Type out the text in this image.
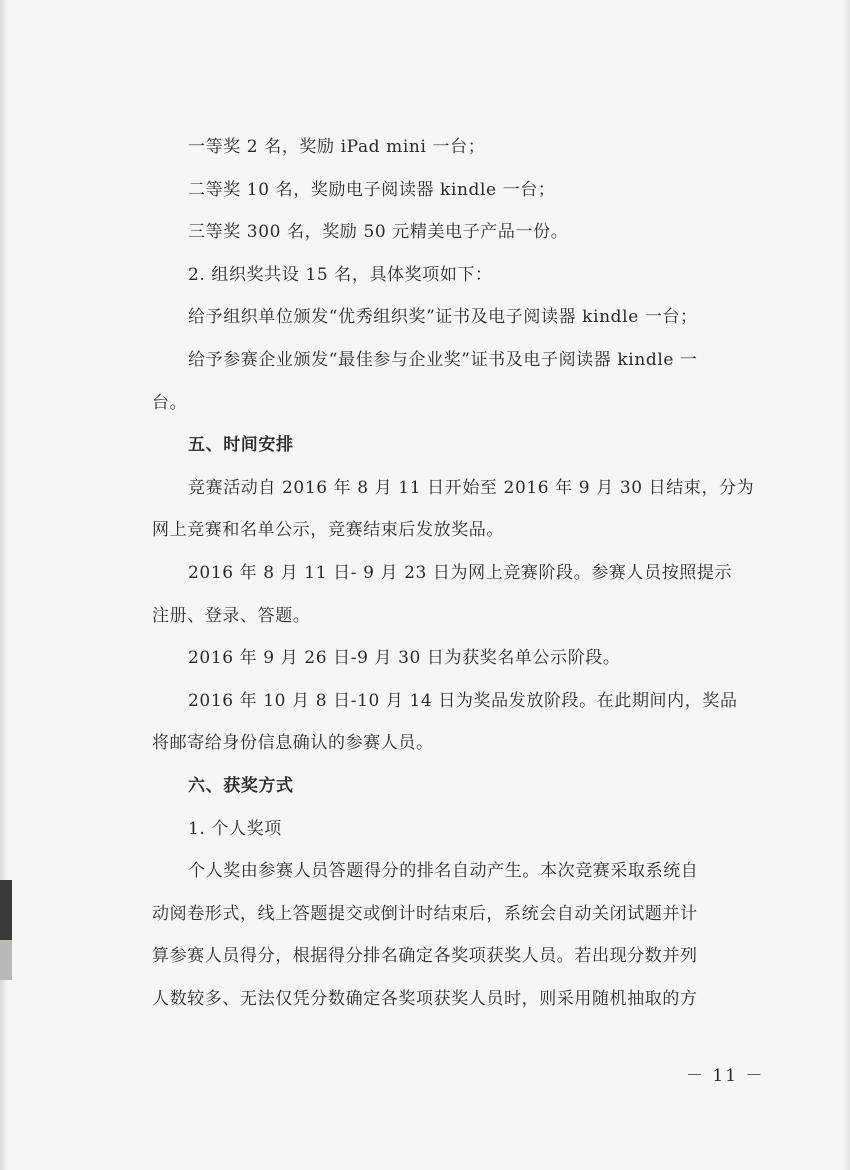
一等奖 2 名，奖励 iPad mini 一台；
二等奖 10 名，奖励电子阅读器 kindle 一台；
三等奖 300 名，奖励 50 元精美电子产品一份。
2. 组织奖共设 15 名，具体奖项如下：
给予组织单位颁发“优秀组织奖”证书及电子阅读器 kindle 一台；
给予参赛企业颁发“最佳参与企业奖”证书及电子阅读器 kindle 一
台。
五、时间安排
竞赛活动自 2016 年 8 月 11 日开始至 2016 年 9 月 30 日结束，分为
网上竞赛和名单公示，竞赛结束后发放奖品。
2016 年 8 月 11 日- 9 月 23 日为网上竞赛阶段。参赛人员按照提示
注册、登录、答题。
2016 年 9 月 26 日-9 月 30 日为获奖名单公示阶段。
2016 年 10 月 8 日-10 月 14 日为奖品发放阶段。在此期间内，奖品
将邮寄给身份信息确认的参赛人员。
六、获奖方式
1. 个人奖项
个人奖由参赛人员答题得分的排名自动产生。本次竞赛采取系统自
动阅卷形式，线上答题提交或倒计时结束后，系统会自动关闭试题并计
算参赛人员得分，根据得分排名确定各奖项获奖人员。若出现分数并列
人数较多、无法仅凭分数确定各奖项获奖人员时，则采用随机抽取的方
－ 11 －
